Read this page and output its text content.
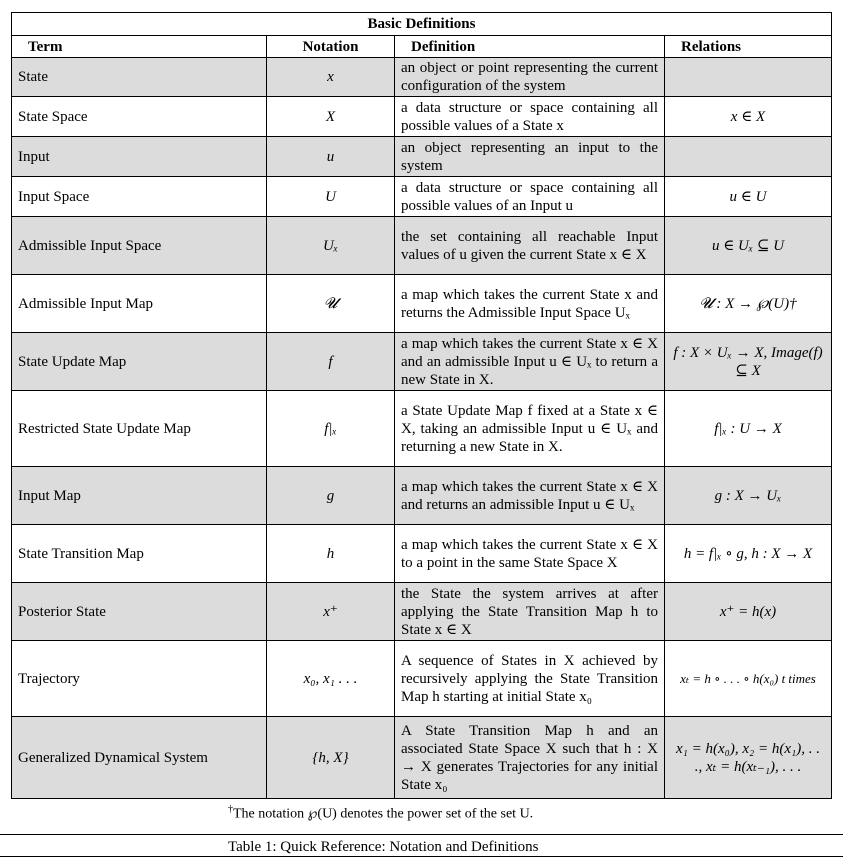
Basic Definitions			
Term	Notation	Definition	Relations
State	x	an object or point representing the current configuration of the system	
State Space	X	a data structure or space containing all possible values of a State x	x ∈ X
Input	u	an object representing an input to the system	
Input Space	U	a data structure or space containing all possible values of an Input u	u ∈ U
Admissible Input Space	Uₓ	the set containing all reachable Input values of u given the current State x ∈ X	u ∈ Uₓ ⊆ U
Admissible Input Map	𝓤	a map which takes the current State x and returns the Admissible Input Space Uₓ	𝓤 : X → ℘(U)†
State Update Map	f	a map which takes the current State x ∈ X and an admissible Input u ∈ Uₓ to return a new State in X.	f : X × Uₓ → X, Image(f) ⊆ X
Restricted State Update Map	f|ₓ	a State Update Map f fixed at a State x ∈ X, taking an admissible Input u ∈ Uₓ and returning a new State in X.	f|ₓ : U → X
Input Map	g	a map which takes the current State x ∈ X and returns an admissible Input u ∈ Uₓ	g : X → Uₓ
State Transition Map	h	a map which takes the current State x ∈ X to a point in the same State Space X	h = f|ₓ ∘ g, h : X → X
Posterior State	x⁺	the State the system arrives at after applying the State Transition Map h to State x ∈ X	x⁺ = h(x)
Trajectory	x₀, x₁ . . .	A sequence of States in X achieved by recursively applying the State Transition Map h starting at initial State x₀	xₜ = h ∘ . . . ∘ h(x₀) t times
Generalized Dynamical System	{h, X}	A State Transition Map h and an associated State Space X such that h : X → X generates Trajectories for any initial State x₀	x₁ = h(x₀), x₂ = h(x₁), . . ., xₜ = h(xₜ₋₁), . . .
†The notation ℘(U) denotes the power set of the set U.
Table 1: Quick Reference: Notation and Definitions
